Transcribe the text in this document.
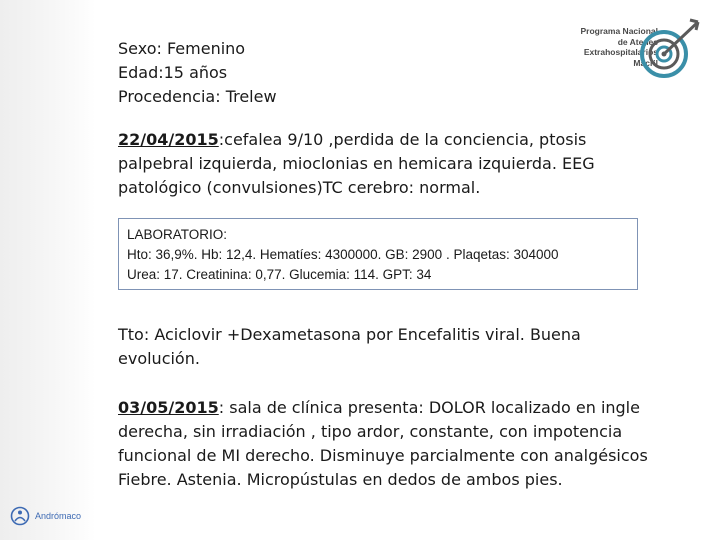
Sexo: Femenino
Edad:15 años
Procedencia: Trelew
Programa Nacional
de Atenes
Extrahospitalarios
Macril
22/04/2015:cefalea 9/10 ,perdida de la conciencia, ptosis palpebral izquierda, mioclonias en hemicara izquierda. EEG patológico (convulsiones)TC cerebro: normal.
LABORATORIO:
Hto: 36,9%. Hb: 12,4. Hematíes: 4300000. GB: 2900 . Plaqetas: 304000
Urea: 17. Creatinina: 0,77. Glucemia: 114. GPT: 34
Tto: Aciclovir +Dexametasona por Encefalitis viral. Buena evolución.
03/05/2015: sala de clínica presenta: DOLOR localizado en ingle derecha, sin irradiación , tipo ardor, constante, con impotencia funcional de MI derecho. Disminuye parcialmente con analgésicos Fiebre. Astenia. Micropústulas en dedos de ambos pies.
Andrómaco
